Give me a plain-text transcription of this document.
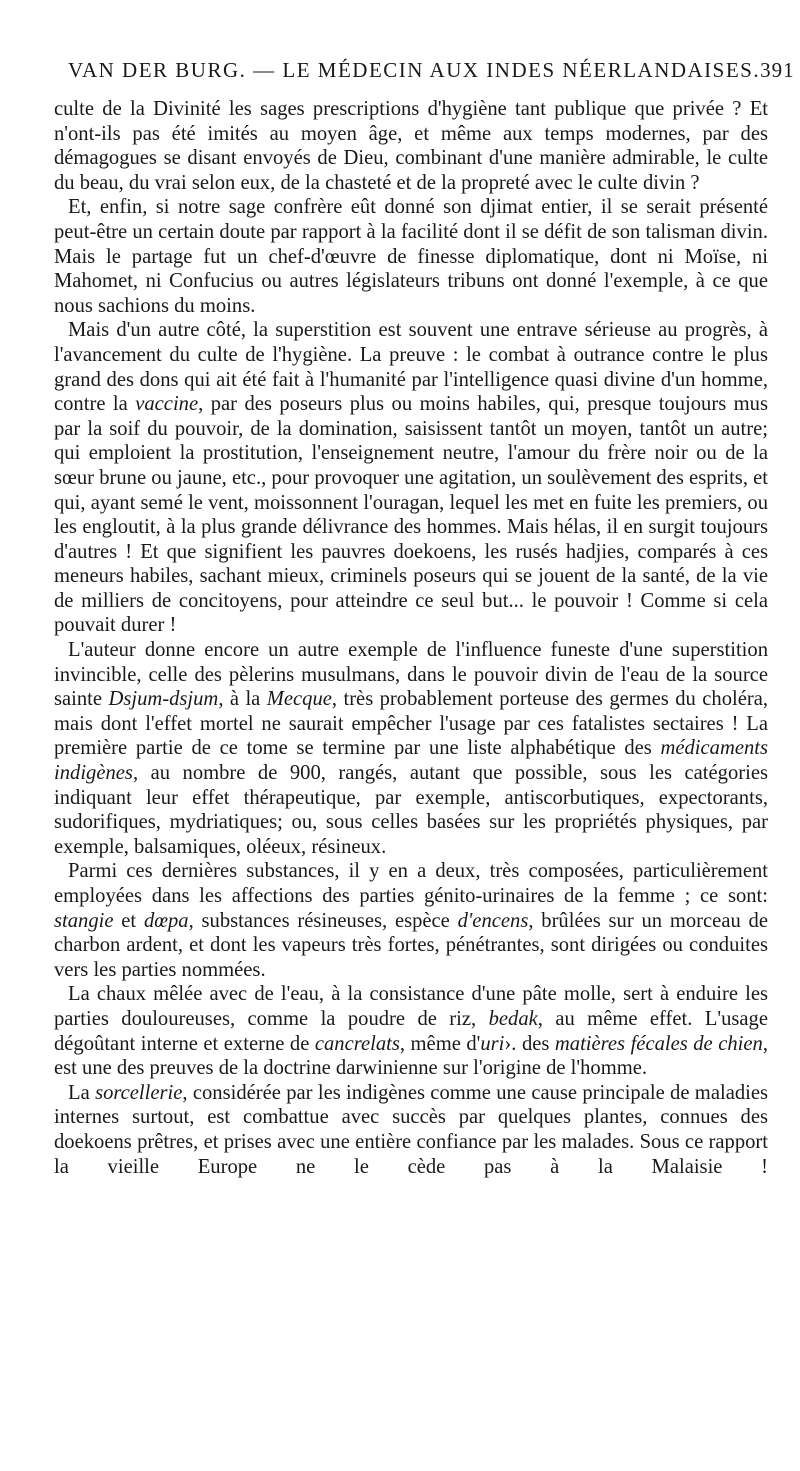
VAN DER BURG. — LE MÉDECIN AUX INDES NÉERLANDAISES. 391

culte de la Divinité les sages prescriptions d'hygiène tant publique que privée ? Et n'ont-ils pas été imités au moyen âge, et même aux temps modernes, par des démagogues se disant envoyés de Dieu, combinant d'une manière admirable, le culte du beau, du vrai selon eux, de la chasteté et de la propreté avec le culte divin ?

Et, enfin, si notre sage confrère eût donné son djimat entier, il se serait présenté peut-être un certain doute par rapport à la facilité dont il se défit de son talisman divin. Mais le partage fut un chef-d'œuvre de finesse diplomatique, dont ni Moïse, ni Mahomet, ni Confucius ou autres législateurs tribuns ont donné l'exemple, à ce que nous sachions du moins.

Mais d'un autre côté, la superstition est souvent une entrave sérieuse au progrès, à l'avancement du culte de l'hygiène. La preuve : le combat à outrance contre le plus grand des dons qui ait été fait à l'humanité par l'intelligence quasi divine d'un homme, contre la vaccine, par des poseurs plus ou moins habiles, qui, presque toujours mus par la soif du pouvoir, de la domination, saisissent tantôt un moyen, tantôt un autre; qui emploient la prostitution, l'enseignement neutre, l'amour du frère noir ou de la sœur brune ou jaune, etc., pour provoquer une agitation, un soulèvement des esprits, et qui, ayant semé le vent, moissonnent l'ouragan, lequel les met en fuite les premiers, ou les engloutit, à la plus grande délivrance des hommes. Mais hélas, il en surgit toujours d'autres ! Et que signifient les pauvres doekoens, les rusés hadjies, comparés à ces meneurs habiles, sachant mieux, criminels poseurs qui se jouent de la santé, de la vie de milliers de concitoyens, pour atteindre ce seul but... le pouvoir ! Comme si cela pouvait durer !

L'auteur donne encore un autre exemple de l'influence funeste d'une superstition invincible, celle des pèlerins musulmans, dans le pouvoir divin de l'eau de la source sainte Dsjum-dsjum, à la Mecque, très probablement porteuse des germes du choléra, mais dont l'effet mortel ne saurait empêcher l'usage par ces fatalistes sectaires ! La première partie de ce tome se termine par une liste alphabétique des médicaments indigènes, au nombre de 900, rangés, autant que possible, sous les catégories indiquant leur effet thérapeutique, par exemple, antiscorbutiques, expectorants, sudorifiques, mydriatiques; ou, sous celles basées sur les propriétés physiques, par exemple, balsamiques, oléeux, résineux.

Parmi ces dernières substances, il y en a deux, très composées, particulièrement employées dans les affections des parties génito-urinaires de la femme ; ce sont: stangie et dœpa, substances résineuses, espèce d'encens, brûlées sur un morceau de charbon ardent, et dont les vapeurs très fortes, pénétrantes, sont dirigées ou conduites vers les parties nommées.

La chaux mêlée avec de l'eau, à la consistance d'une pâte molle, sert à enduire les parties douloureuses, comme la poudre de riz, bedak, au même effet. L'usage dégoûtant interne et externe de cancrelats, même d'uri›. des matières fécales de chien, est une des preuves de la doctrine darwinienne sur l'origine de l'homme.

La sorcellerie, considérée par les indigènes comme une cause principale de maladies internes surtout, est combattue avec succès par quelques plantes, connues des doekoens prêtres, et prises avec une entière confiance par les malades. Sous ce rapport la vieille Europe ne le cède pas à la Malaisie !
